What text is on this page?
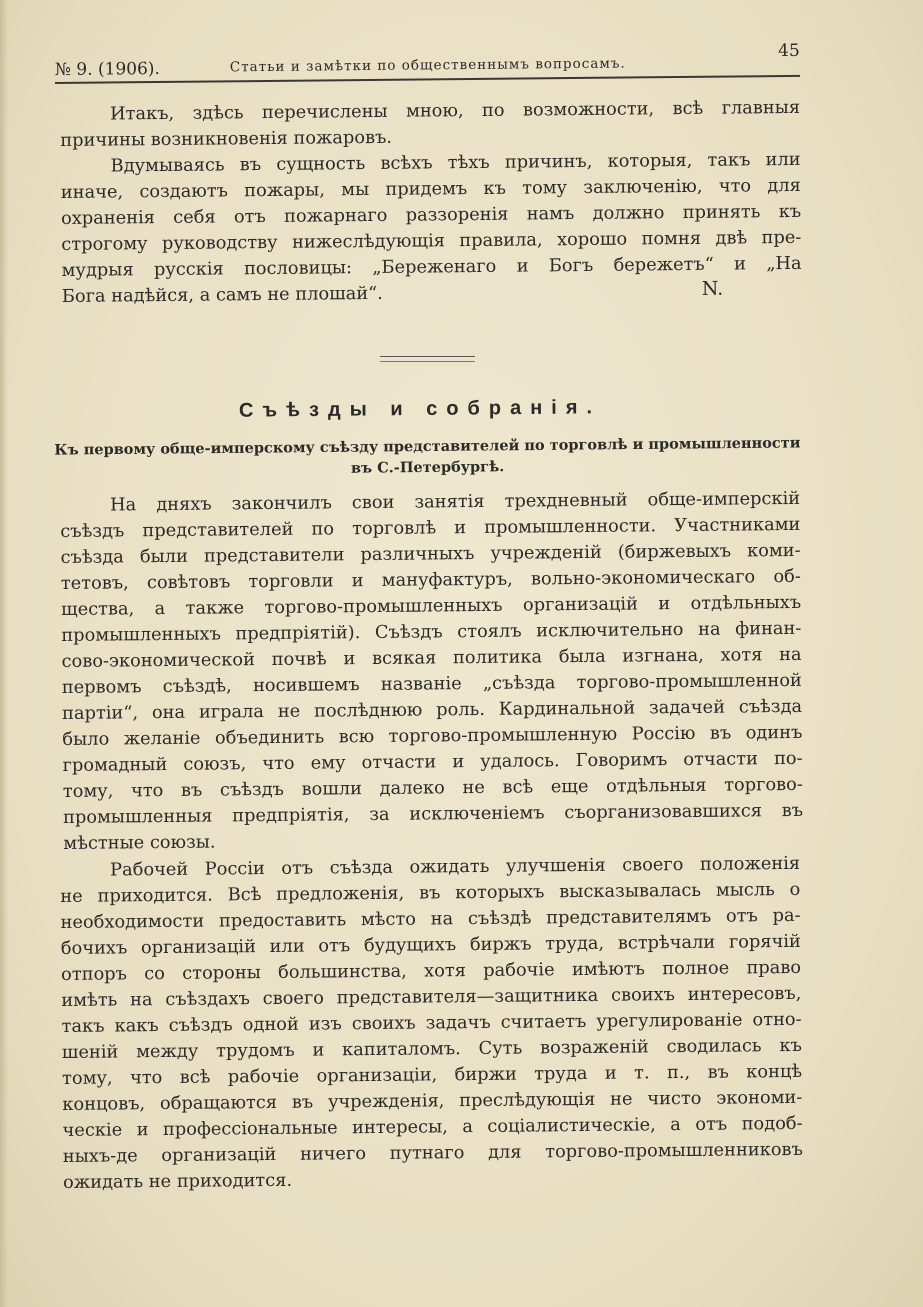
№ 9. (1906).	Статьи и замѣтки по общественнымъ вопросамъ.
45
Итакъ, здѣсь перечислены мною, по возможности, всѣ главныя
причины возникновенія пожаровъ.
Вдумываясь въ сущность всѣхъ тѣхъ причинъ, которыя, такъ или
иначе, создаютъ пожары, мы придемъ къ тому заключенію, что для
охраненія себя отъ пожарнаго раззоренія намъ должно принять къ
строгому руководству нижеслѣдующія правила, хорошо помня двѣ пре-
мудрыя русскія пословицы: „Береженаго и Богъ бережетъ“ и „На
Бога надѣйся, а самъ не плошай“.	N.
Съѣзды и собранія.
Къ первому обще-имперскому съѣзду представителей по торговлѣ и промышленности
въ С.-Петербургѣ.
На дняхъ закончилъ свои занятія трехдневный обще-имперскій
съѣздъ представителей по торговлѣ и промышленности. Участниками
съѣзда были представители различныхъ учрежденій (биржевыхъ коми-
тетовъ, совѣтовъ торговли и мануфактуръ, вольно-экономическаго об-
щества, а также торгово-промышленныхъ организацій и отдѣльныхъ
промышленныхъ предпріятій). Съѣздъ стоялъ исключительно на финан-
сово-экономической почвѣ и всякая политика была изгнана, хотя на
первомъ съѣздѣ, носившемъ названіе „съѣзда торгово-промышленной
партіи“, она играла не послѣднюю роль. Кардинальной задачей съѣзда
было желаніе объединить всю торгово-промышленную Россію въ одинъ
громадный союзъ, что ему отчасти и удалось. Говоримъ отчасти по-
тому, что въ съѣздъ вошли далеко не всѣ еще отдѣльныя торгово-
промышленныя предпріятія, за исключеніемъ съорганизовавшихся въ
мѣстные союзы.
Рабочей Россіи отъ съѣзда ожидать улучшенія своего положенія
не приходится. Всѣ предложенія, въ которыхъ высказывалась мысль о
необходимости предоставить мѣсто на съѣздѣ представителямъ отъ ра-
бочихъ организацій или отъ будущихъ биржъ труда, встрѣчали горячій
отпоръ со стороны большинства, хотя рабочіе имѣютъ полное право
имѣть на съѣздахъ своего представителя—защитника своихъ интересовъ,
такъ какъ съѣздъ одной изъ своихъ задачъ считаетъ урегулированіе отно-
шеній между трудомъ и капиталомъ. Суть возраженій сводилась къ
тому, что всѣ рабочіе организаціи, биржи труда и т. п., въ концѣ
концовъ, обращаются въ учрежденія, преслѣдующія не чисто экономи-
ческіе и профессіональные интересы, а соціалистическіе, а отъ подоб-
ныхъ-де организацій ничего путнаго для торгово-промышленниковъ
ожидать не приходится.
